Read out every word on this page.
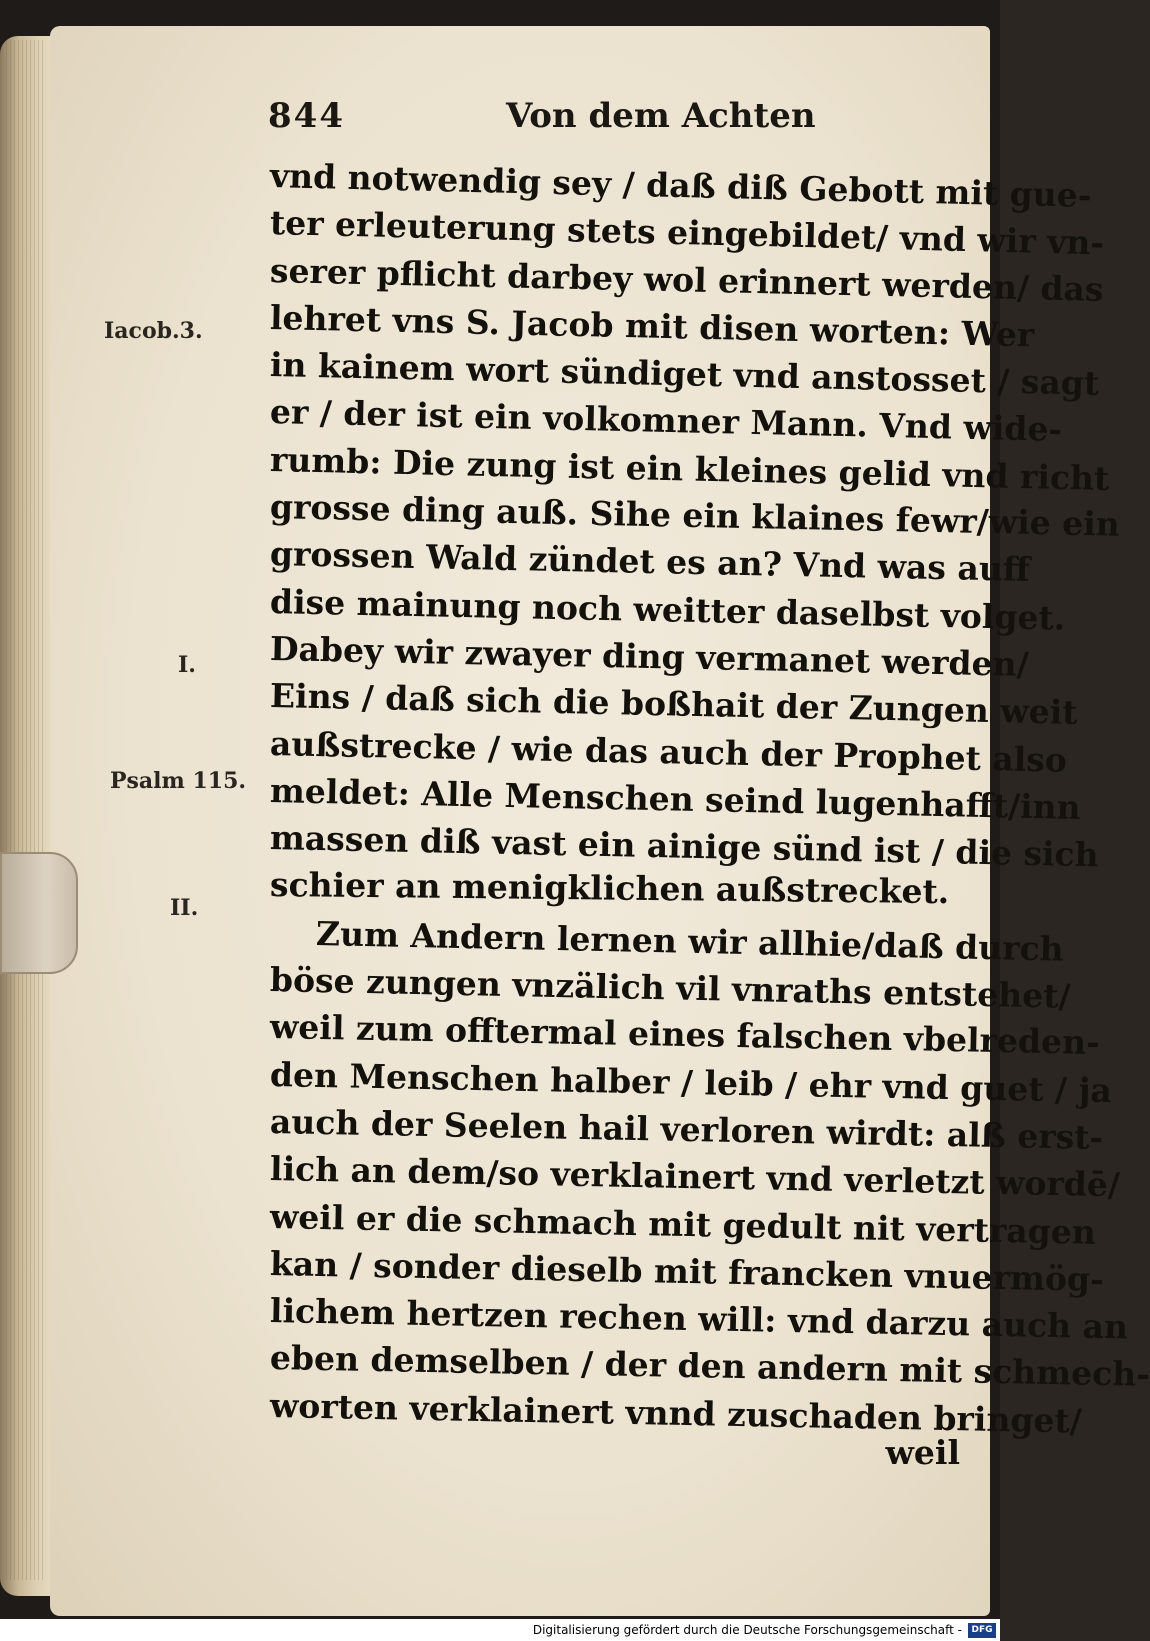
844	Von dem Achten
Iacob.3.
I.
Psalm 115.
II.
vnd notwendig sey / daß diß Gebott mit gue-
ter erleuterung stets eingebildet/ vnd wir vn-
serer pflicht darbey wol erinnert werden/ das
lehret vns S. Jacob mit disen worten: Wer
in kainem wort sündiget vnd anstosset / sagt
er / der ist ein volkomner Mann. Vnd wide-
rumb: Die zung ist ein kleines gelid vnd richt
grosse ding auß. Sihe ein klaines fewr/wie ein
grossen Wald zündet es an? Vnd was auff
dise mainung noch weitter daselbst volget.
Dabey wir zwayer ding vermanet werden/
Eins / daß sich die boßhait der Zungen weit
außstrecke / wie das auch der Prophet also
meldet: Alle Menschen seind lugenhafft/inn
massen diß vast ein ainige sünd ist / die sich
schier an menigklichen außstrecket.
Zum Andern lernen wir allhie/daß durch
böse zungen vnzälich vil vnraths entstehet/
weil zum offtermal eines falschen vbelreden-
den Menschen halber / leib / ehr vnd guet / ja
auch der Seelen hail verloren wirdt: alß erst-
lich an dem/so verklainert vnd verletzt wordē/
weil er die schmach mit gedult nit vertragen
kan / sonder dieselb mit francken vnuermög-
lichem hertzen rechen will: vnd darzu auch an
eben demselben / der den andern mit schmech-
worten verklainert vnnd zuschaden bringet/
weil
Digitalisierung gefördert durch die Deutsche Forschungsgemeinschaft -	DFG
